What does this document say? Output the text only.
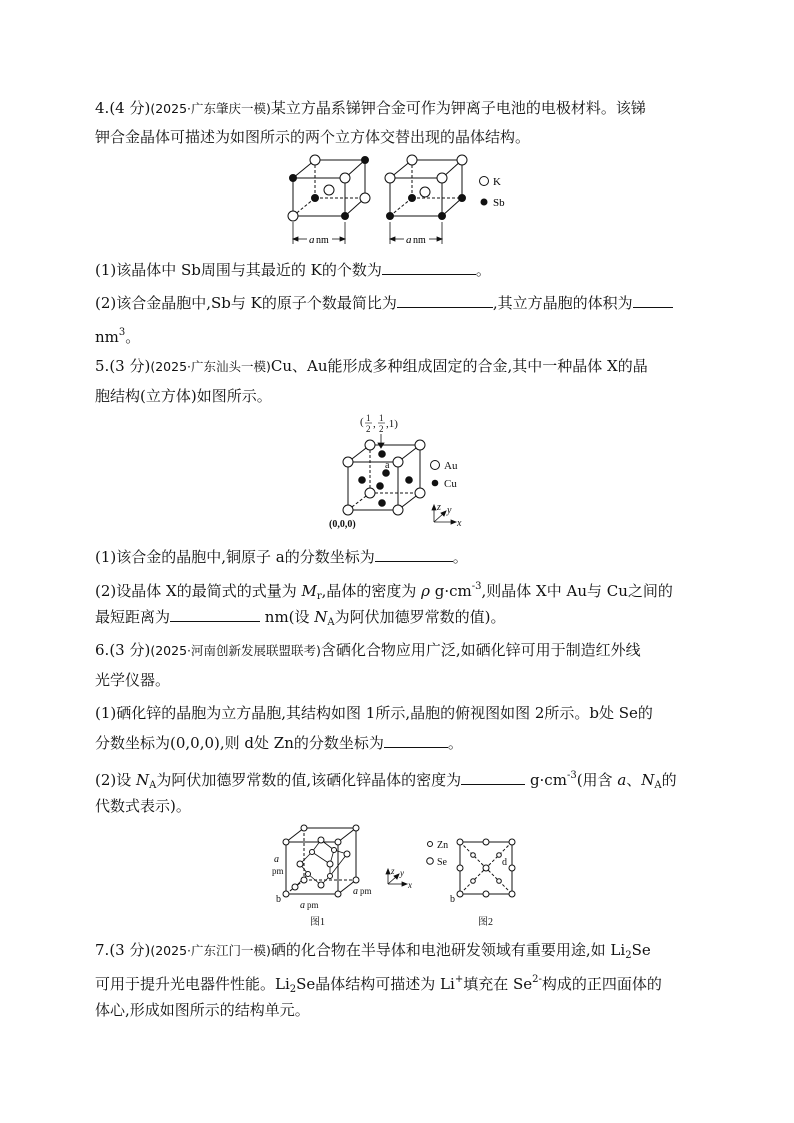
4.(4 分)(2025·广东肇庆一模)某立方晶系锑钾合金可作为钾离子电池的电极材料。该锑
钾合金晶体可描述为如图所示的两个立方体交替出现的晶体结构。
a nm	a nm
K
Sb
(1)该晶体中 Sb周围与其最近的 K的个数为	。
(2)该合金晶胞中,Sb与 K的原子个数最简比为	,其立方晶胞的体积为
$nm^3$。
5.(3 分)(2025·广东汕头一模)Cu、Au能形成多种组成固定的合金,其中一种晶体 X的晶
胞结构(立方体)如图所示。
( 1
2 , 1
2 ,1)
a
(0,0,0)
Au
Cu
z y
x
(1)该合金的晶胞中,铜原子 a的分数坐标为	。
(2)设晶体 X的最简式的式量为 $M_r$,晶体的密度为 ρ $g\cdot cm^{-3}$,则晶体 X中 Au与 Cu之间的
最短距离为	nm(设 $N_A$为阿伏加德罗常数的值)。
6.(3 分)(2025·河南创新发展联盟联考)含硒化合物应用广泛,如硒化锌可用于制造红外线
光学仪器。
(1)硒化锌的晶胞为立方晶胞,其结构如图 1所示,晶胞的俯视图如图 2所示。b处 Se的
分数坐标为(0,0,0),则 d处 Zn的分数坐标为	。
(2)设 $N_A$为阿伏加德罗常数的值,该硒化锌晶体的密度为	$g\cdot cm^{-3}$(用含 a、$N_A$的
代数式表示)。
a
pm
b
a pm
a pm
z y
x
图1
Zn
Se	d
b
图2
7.(3 分)(2025·广东江门一模)硒的化合物在半导体和电池研发领域有重要用途,如 $Li_2Se$
可用于提升光电器件性能。$Li_2Se$晶体结构可描述为 Li+填充在 $Se^{2-}$构成的正四面体的
体心,形成如图所示的结构单元。
